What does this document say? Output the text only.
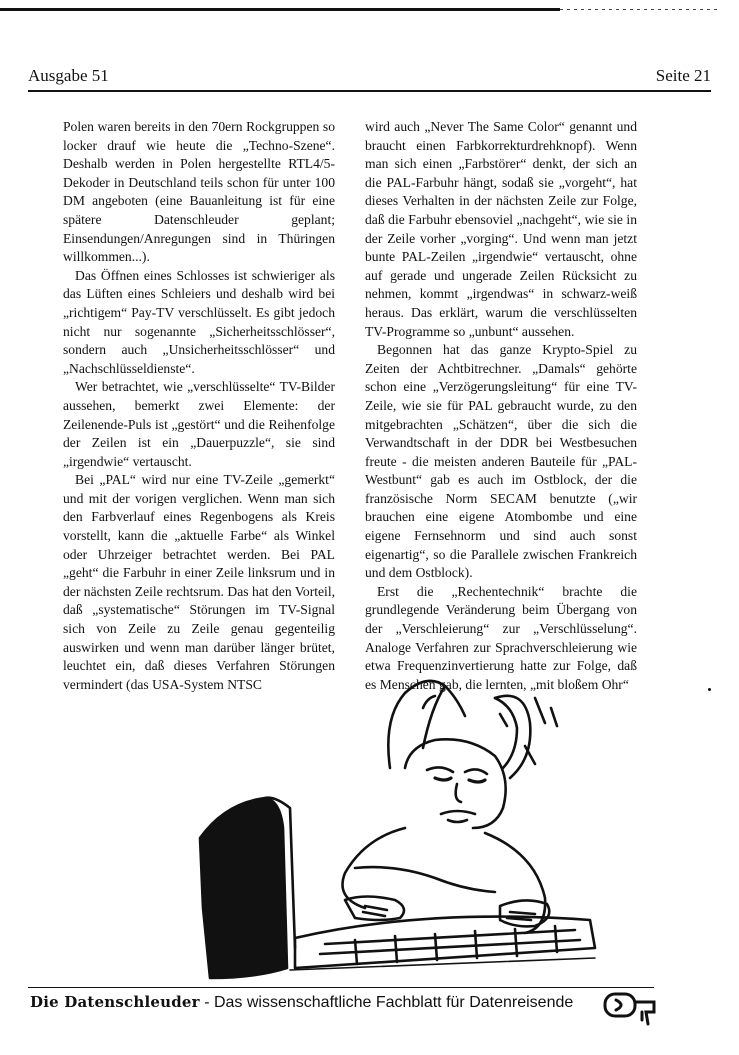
Ausgabe 51	Seite 21

Polen waren bereits in den 70ern Rockgruppen so locker drauf wie heute die „Techno-Szene“. Deshalb werden in Polen hergestellte RTL4/5-Dekoder in Deutschland teils schon für unter 100 DM angeboten (eine Bauanleitung ist für eine spätere Datenschleuder geplant; Einsendungen/Anregungen sind in Thüringen willkommen...).

Das Öffnen eines Schlosses ist schwieriger als das Lüften eines Schleiers und deshalb wird bei „richtigem“ Pay-TV verschlüsselt. Es gibt jedoch nicht nur sogenannte „Sicherheitsschlösser“, sondern auch „Unsicherheitsschlösser“ und „Nachschlüsseldienste“.

Wer betrachtet, wie „verschlüsselte“ TV-Bilder aussehen, bemerkt zwei Elemente: der Zeilenende-Puls ist „gestört“ und die Reihenfolge der Zeilen ist ein „Dauerpuzzle“, sie sind „irgendwie“ vertauscht.

Bei „PAL“ wird nur eine TV-Zeile „gemerkt“ und mit der vorigen verglichen. Wenn man sich den Farbverlauf eines Regenbogens als Kreis vorstellt, kann die „aktuelle Farbe“ als Winkel oder Uhrzeiger betrachtet werden. Bei PAL „geht“ die Farbuhr in einer Zeile linksrum und in der nächsten Zeile rechtsrum. Das hat den Vorteil, daß „systematische“ Störungen im TV-Signal sich von Zeile zu Zeile genau gegenteilig auswirken und wenn man darüber länger brütet, leuchtet ein, daß dieses Verfahren Störungen vermindert (das USA-System NTSC

wird auch „Never The Same Color“ genannt und braucht einen Farbkorrekturdrehknopf). Wenn man sich einen „Farbstörer“ denkt, der sich an die PAL-Farbuhr hängt, sodaß sie „vorgeht“, hat dieses Verhalten in der nächsten Zeile zur Folge, daß die Farbuhr ebensoviel „nachgeht“, wie sie in der Zeile vorher „vorging“. Und wenn man jetzt bunte PAL-Zeilen „irgendwie“ vertauscht, ohne auf gerade und ungerade Zeilen Rücksicht zu nehmen, kommt „irgendwas“ in schwarz-weiß heraus. Das erklärt, warum die verschlüsselten TV-Programme so „unbunt“ aussehen.

Begonnen hat das ganze Krypto-Spiel zu Zeiten der Achtbitrechner. „Damals“ gehörte schon eine „Verzögerungsleitung“ für eine TV-Zeile, wie sie für PAL gebraucht wurde, zu den mitgebrachten „Schätzen“, über die sich die Verwandtschaft in der DDR bei Westbesuchen freute - die meisten anderen Bauteile für „PAL-Westbunt“ gab es auch im Ostblock, der die französische Norm SECAM benutzte („wir brauchen eine eigene Atombombe und eine eigene Fernsehnorm und sind auch sonst eigenartig“, so die Parallele zwischen Frankreich und dem Ostblock).

Erst die „Rechentechnik“ brachte die grundlegende Veränderung beim Übergang von der „Verschleierung“ zur „Verschlüsselung“. Analoge Verfahren zur Sprachverschleierung wie etwa Frequenzinvertierung hatte zur Folge, daß es Menschen gab, die lernten, „mit bloßem Ohr“

Die Datenschleuder - Das wissenschaftliche Fachblatt für Datenreisende
